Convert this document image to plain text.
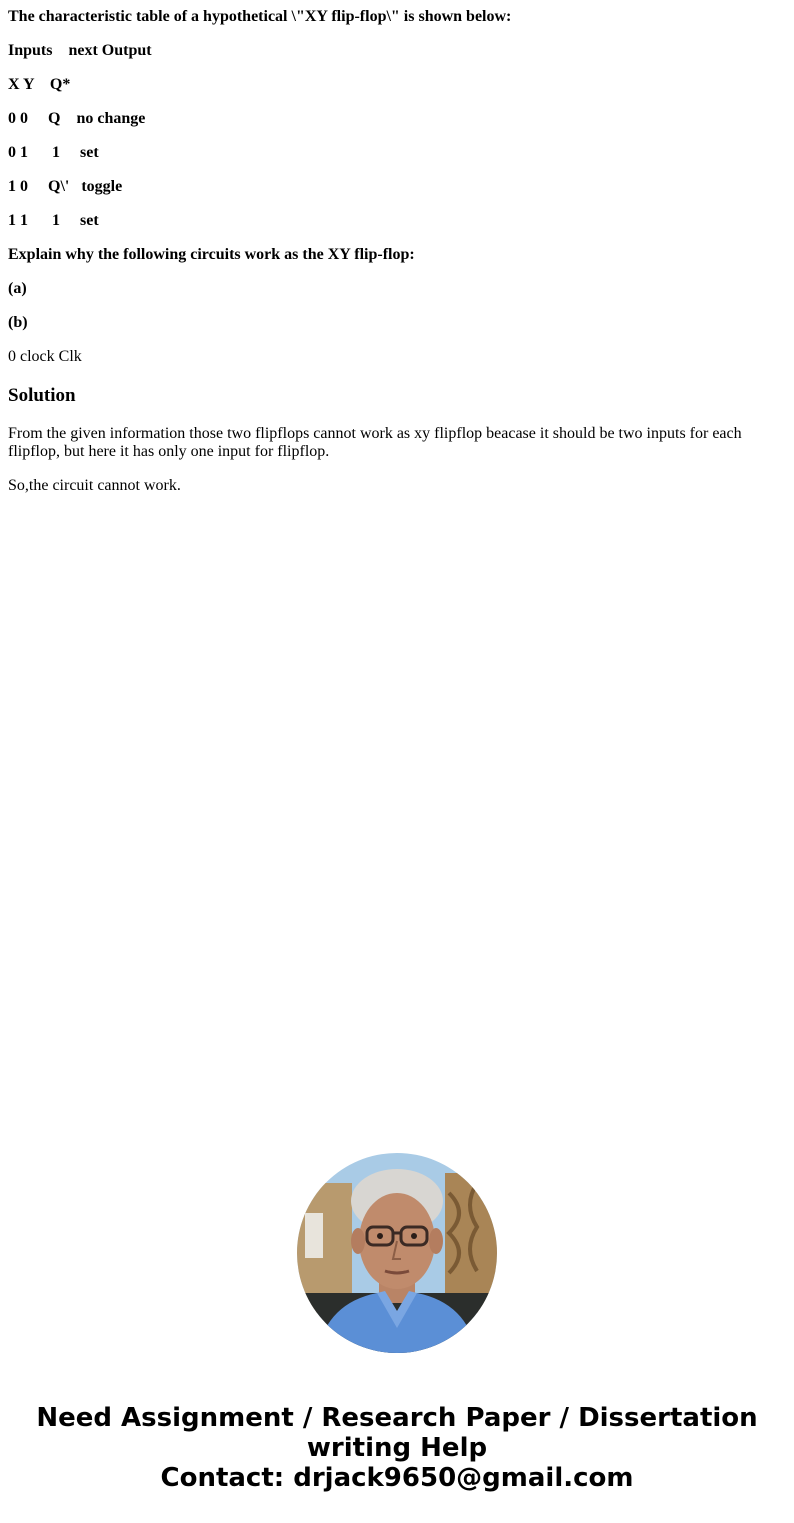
The characteristic table of a hypothetical \"XY flip-flop\" is shown below:

Inputs    next Output

X Y    Q*

0 0     Q    no change

0 1      1     set

1 0     Q\'   toggle

1 1      1     set

Explain why the following circuits work as the XY flip-flop:

(a)

(b)

0 clock Clk

Solution

From the given information those two flipflops cannot work as xy flipflop beacase it should be two inputs for each flipflop, but here it has only one input for flipflop.

So,the circuit cannot work.

Need Assignment / Research Paper / Dissertation
writing Help
Contact: drjack9650@gmail.com
